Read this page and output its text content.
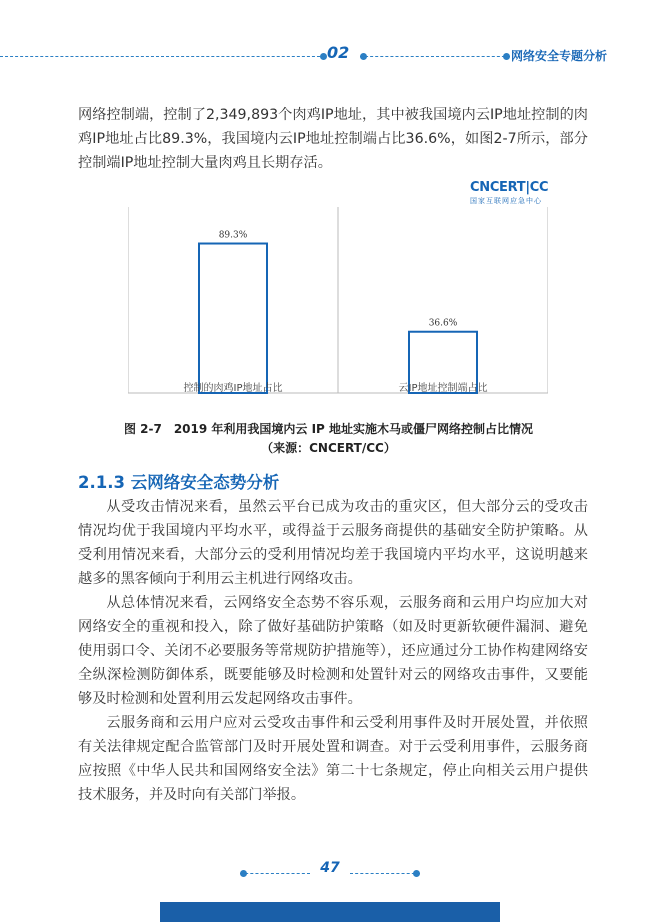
02	网络安全专题分析
网络控制端，控制了2,349,893个肉鸡IP地址，其中被我国境内云IP地址控制的肉鸡IP地址占比89.3%，我国境内云IP地址控制端占比36.6%，如图2-7所示，部分控制端IP地址控制大量肉鸡且长期存活。
CNCERT|CC
国家互联网应急中心
89.3%
控制的肉鸡IP地址占比
36.6%
云IP地址控制端占比
图 2-7　2019 年利用我国境内云 IP 地址实施木马或僵尸网络控制占比情况
（来源：CNCERT/CC）
2.1.3 云网络安全态势分析
从受攻击情况来看，虽然云平台已成为攻击的重灾区，但大部分云的受攻击情况均优于我国境内平均水平，或得益于云服务商提供的基础安全防护策略。从受利用情况来看，大部分云的受利用情况均差于我国境内平均水平，这说明越来越多的黑客倾向于利用云主机进行网络攻击。
从总体情况来看，云网络安全态势不容乐观，云服务商和云用户均应加大对网络安全的重视和投入，除了做好基础防护策略（如及时更新软硬件漏洞、避免使用弱口令、关闭不必要服务等常规防护措施等），还应通过分工协作构建网络安全纵深检测防御体系，既要能够及时检测和处置针对云的网络攻击事件，又要能够及时检测和处置利用云发起网络攻击事件。
云服务商和云用户应对云受攻击事件和云受利用事件及时开展处置，并依照有关法律规定配合监管部门及时开展处置和调查。对于云受利用事件，云服务商应按照《中华人民共和国网络安全法》第二十七条规定，停止向相关云用户提供技术服务，并及时向有关部门举报。
47
